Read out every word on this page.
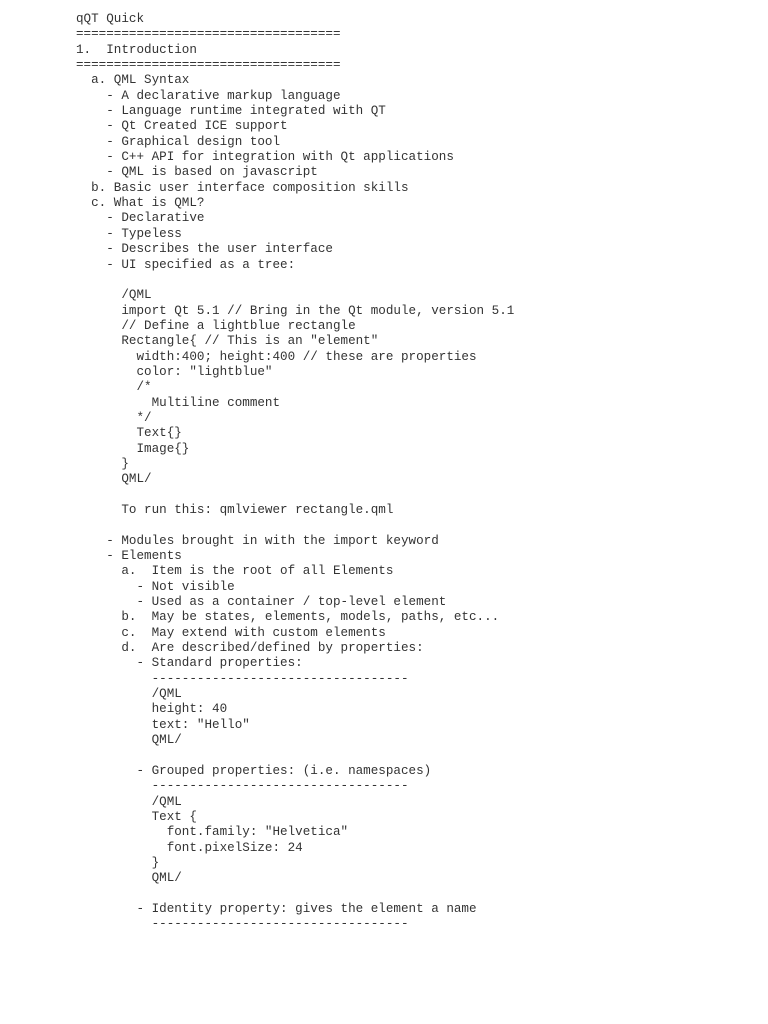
qQT Quick
===================================
1.  Introduction
===================================
a. QML Syntax
- A declarative markup language
- Language runtime integrated with QT
- Qt Created ICE support
- Graphical design tool
- C++ API for integration with Qt applications
- QML is based on javascript
b. Basic user interface composition skills
c. What is QML?
- Declarative
- Typeless
- Describes the user interface
- UI specified as a tree:
/QML
import Qt 5.1 // Bring in the Qt module, version 5.1
// Define a lightblue rectangle
Rectangle{ // This is an "element"
width:400; height:400 // these are properties
color: "lightblue"
/*
Multiline comment
*/
Text{}
Image{}
}
QML/
To run this: qmlviewer rectangle.qml
- Modules brought in with the import keyword
- Elements
a.  Item is the root of all Elements
- Not visible
- Used as a container / top-level element
b.  May be states, elements, models, paths, etc...
c.  May extend with custom elements
d.  Are described/defined by properties:
- Standard properties:
----------------------------------
/QML
height: 40
text: "Hello"
QML/
- Grouped properties: (i.e. namespaces)
----------------------------------
/QML
Text {
font.family: "Helvetica"
font.pixelSize: 24
}
QML/
- Identity property: gives the element a name
----------------------------------
